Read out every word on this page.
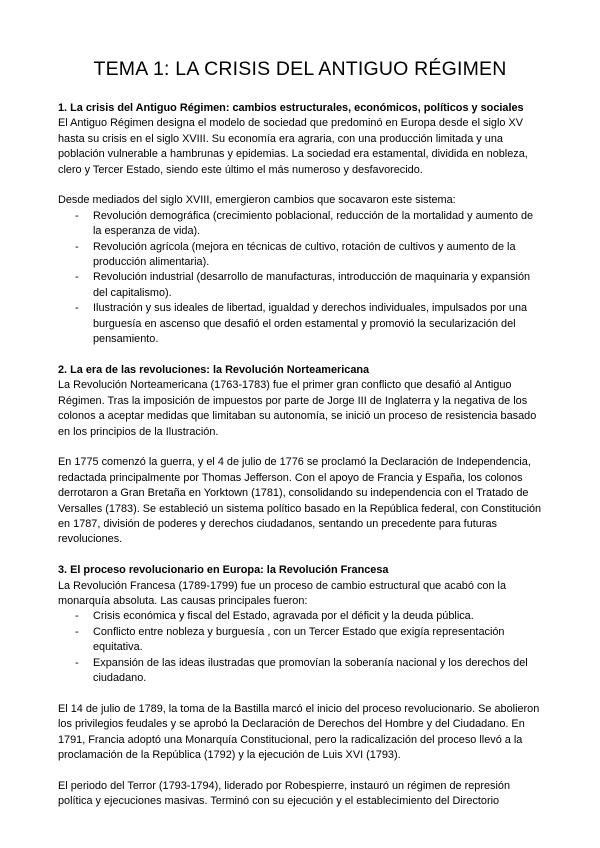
TEMA 1: LA CRISIS DEL ANTIGUO RÉGIMEN

1. La crisis del Antiguo Régimen: cambios estructurales, económicos, políticos y sociales

El Antiguo Régimen designa el modelo de sociedad que predominó en Europa desde el siglo XV hasta su crisis en el siglo XVIII. Su economía era agraria, con una producción limitada y una población vulnerable a hambrunas y epidemias. La sociedad era estamental, dividida en nobleza, clero y Tercer Estado, siendo este último el más numeroso y desfavorecido.

Desde mediados del siglo XVIII, emergieron cambios que socavaron este sistema:

- Revolución demográfica (crecimiento poblacional, reducción de la mortalidad y aumento de la esperanza de vida).
- Revolución agrícola (mejora en técnicas de cultivo, rotación de cultivos y aumento de la producción alimentaria).
- Revolución industrial (desarrollo de manufacturas, introducción de maquinaria y expansión del capitalismo).
- Ilustración y sus ideales de libertad, igualdad y derechos individuales, impulsados por una burguesía en ascenso que desafió el orden estamental y promovió la secularización del pensamiento.

2. La era de las revoluciones: la Revolución Norteamericana

La Revolución Norteamericana (1763-1783) fue el primer gran conflicto que desafió al Antiguo Régimen. Tras la imposición de impuestos por parte de Jorge III de Inglaterra y la negativa de los colonos a aceptar medidas que limitaban su autonomía, se inició un proceso de resistencia basado en los principios de la Ilustración.

En 1775 comenzó la guerra, y el 4 de julio de 1776 se proclamó la Declaración de Independencia, redactada principalmente por Thomas Jefferson. Con el apoyo de Francia y España, los colonos derrotaron a Gran Bretaña en Yorktown (1781), consolidando su independencia con el Tratado de Versalles (1783). Se estableció un sistema político basado en la República federal, con Constitución en 1787, división de poderes y derechos ciudadanos, sentando un precedente para futuras revoluciones.

3. El proceso revolucionario en Europa: la Revolución Francesa

La Revolución Francesa (1789-1799) fue un proceso de cambio estructural que acabó con la monarquía absoluta. Las causas principales fueron:

- Crisis económica y fiscal del Estado, agravada por el déficit y la deuda pública.
- Conflicto entre nobleza y burguesía , con un Tercer Estado que exigía representación equitativa.
- Expansión de las ideas ilustradas que promovían la soberanía nacional y los derechos del ciudadano.

El 14 de julio de 1789, la toma de la Bastilla marcó el inicio del proceso revolucionario. Se abolieron los privilegios feudales y se aprobó la Declaración de Derechos del Hombre y del Ciudadano. En 1791, Francia adoptó una Monarquía Constitucional, pero la radicalización del proceso llevó a la proclamación de la República (1792) y la ejecución de Luis XVI (1793).

El periodo del Terror (1793-1794), liderado por Robespierre, instauró un régimen de represión política y ejecuciones masivas. Terminó con su ejecución y el establecimiento del Directorio
